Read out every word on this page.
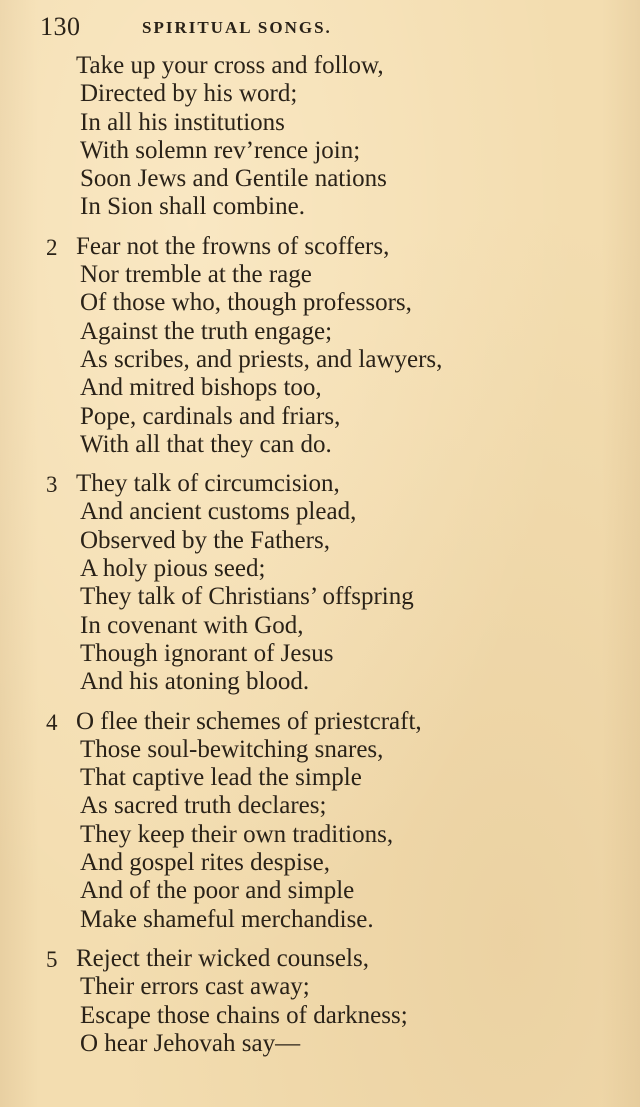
130	SPIRITUAL SONGS.
Take up your cross and follow,
Directed by his word;
In all his institutions
With solemn rev’rence join;
Soon Jews and Gentile nations
In Sion shall combine.
2 Fear not the frowns of scoffers,
Nor tremble at the rage
Of those who, though professors,
Against the truth engage;
As scribes, and priests, and lawyers,
And mitred bishops too,
Pope, cardinals and friars,
With all that they can do.
3 They talk of circumcision,
And ancient customs plead,
Observed by the Fathers,
A holy pious seed;
They talk of Christians’ offspring
In covenant with God,
Though ignorant of Jesus
And his atoning blood.
4 O flee their schemes of priestcraft,
Those soul-bewitching snares,
That captive lead the simple
As sacred truth declares;
They keep their own traditions,
And gospel rites despise,
And of the poor and simple
Make shameful merchandise.
5 Reject their wicked counsels,
Their errors cast away;
Escape those chains of darkness;
O hear Jehovah say—
